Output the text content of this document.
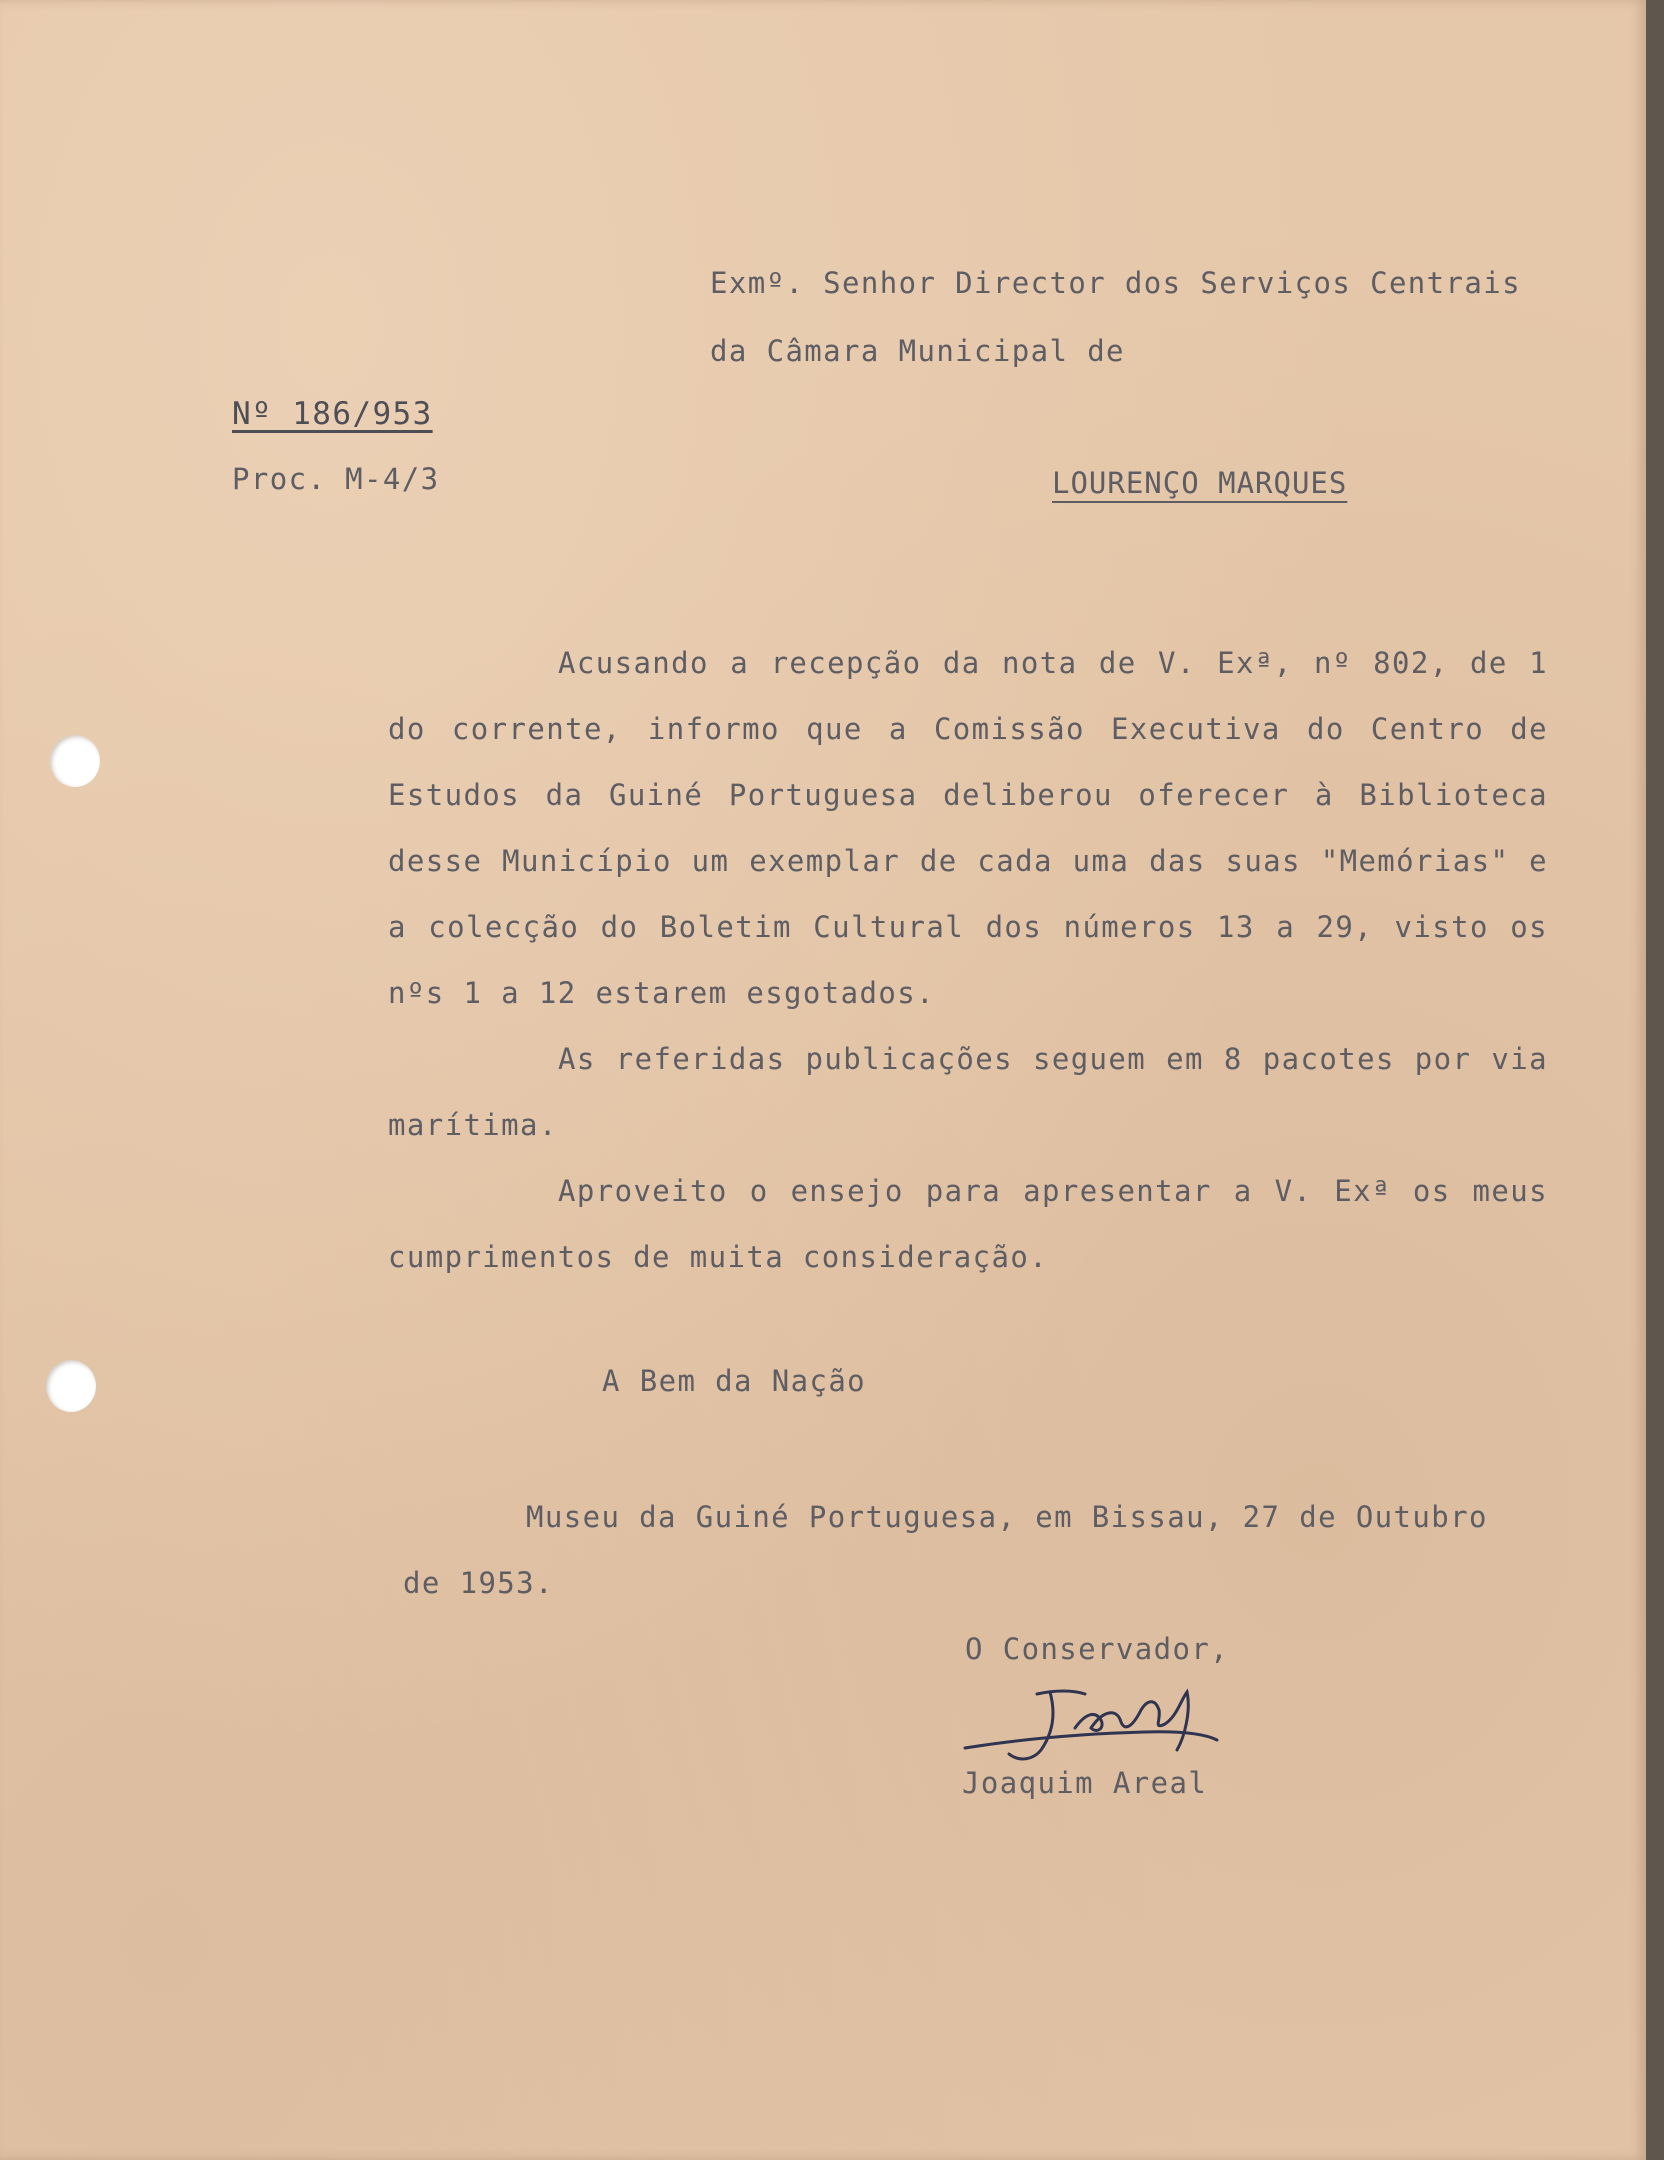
Exmº. Senhor Director dos Serviços Centrais
da Câmara Municipal de
Nº 186/953
Proc. M-4/3	LOURENÇO MARQUES

Acusando a recepção da nota de V. Exª, nº 802, de 1 do corrente, informo que a Comissão Executiva do Centro de Estudos da Guiné Portuguesa deliberou oferecer à Biblioteca desse Município um exemplar de cada uma das suas "Memórias" e a colecção do Boletim Cultural dos números 13 a 29, visto os nºs 1 a 12 estarem esgotados.

As referidas publicações seguem em 8 pacotes por via marítima.

Aproveito o ensejo para apresentar a V. Exª os meus cumprimentos de muita consideração.

A Bem da Nação
Museu da Guiné Portuguesa, em Bissau, 27 de Outubro
de 1953.
O Conservador,
Joaquim Areal
